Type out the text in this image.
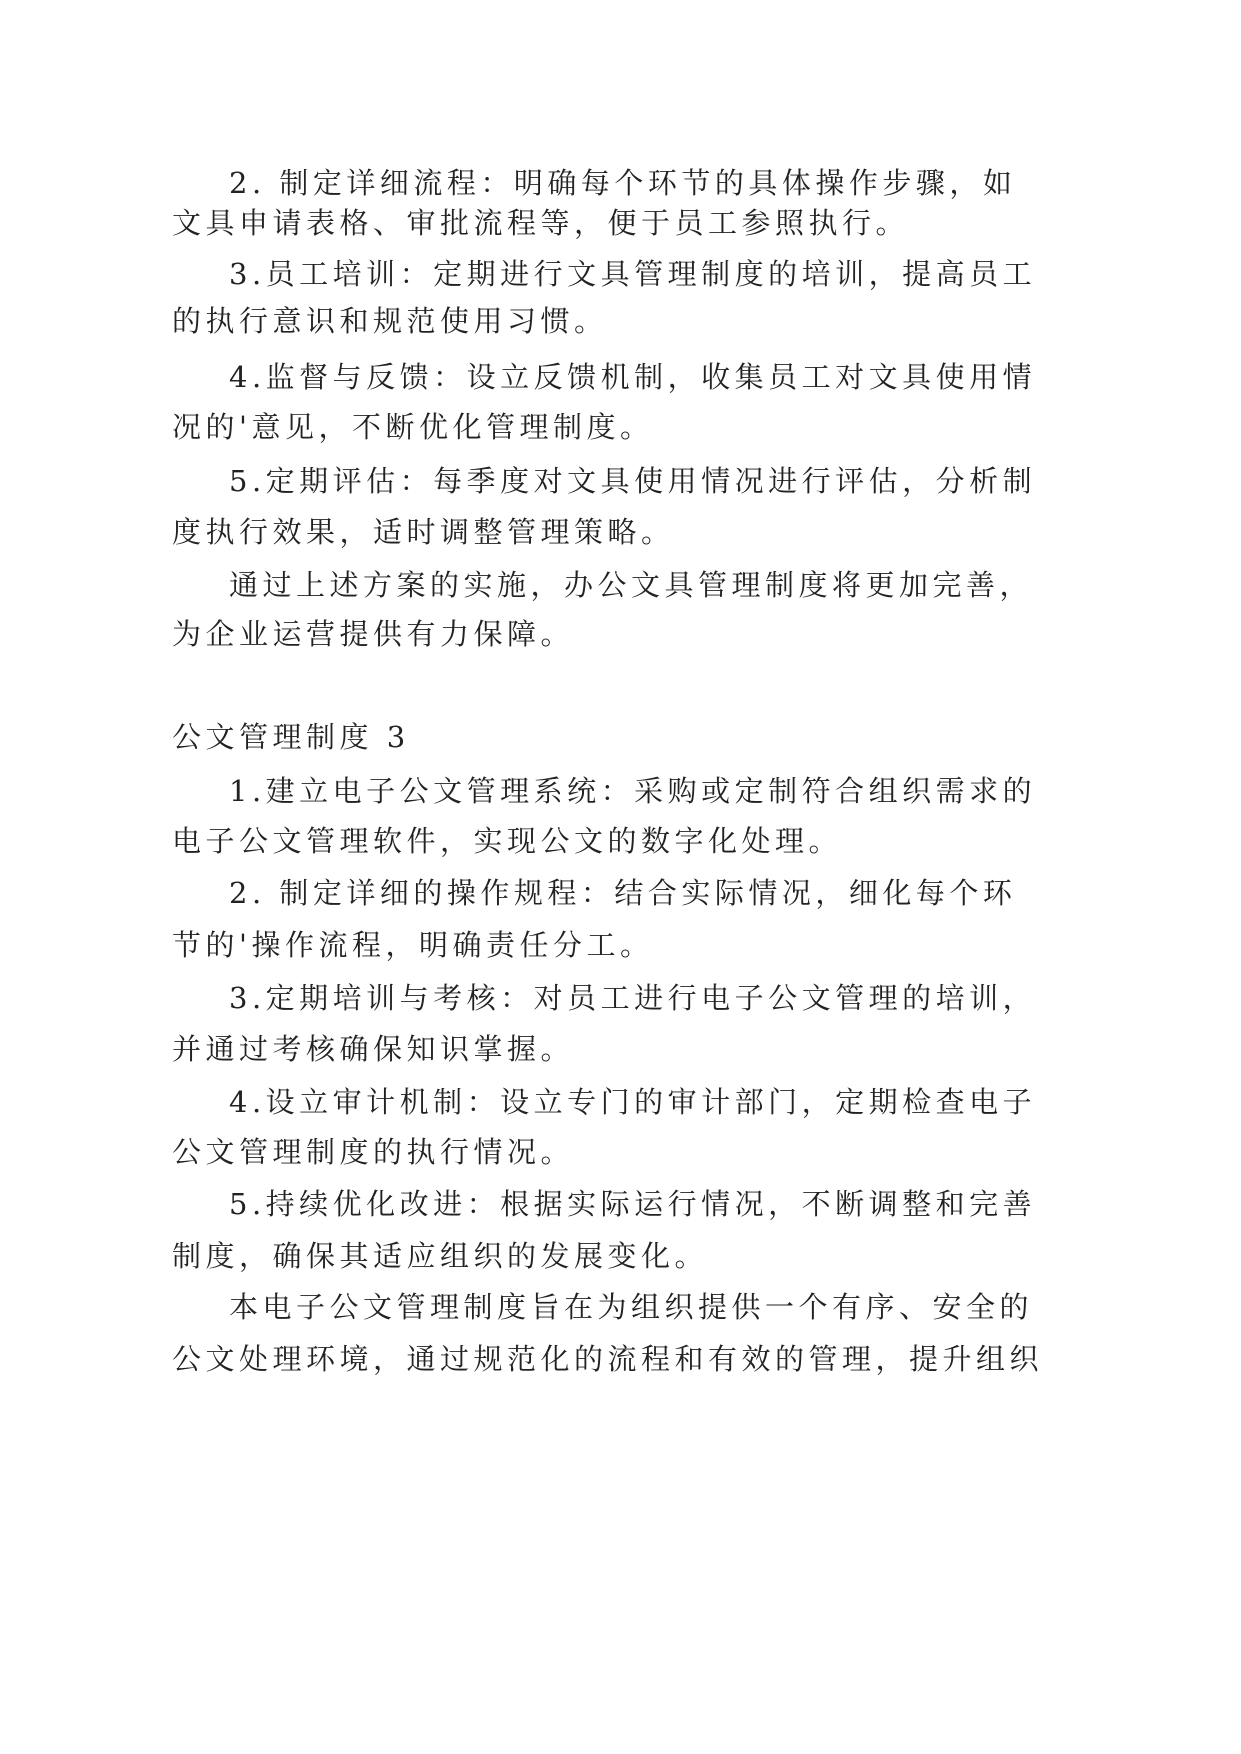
2. 制定详细流程：明确每个环节的具体操作步骤，如

文具申请表格、审批流程等，便于员工参照执行。

3.员工培训：定期进行文具管理制度的培训，提高员工

的执行意识和规范使用习惯。

4.监督与反馈：设立反馈机制，收集员工对文具使用情

况的'意见，不断优化管理制度。

5.定期评估：每季度对文具使用情况进行评估，分析制

度执行效果，适时调整管理策略。

通过上述方案的实施，办公文具管理制度将更加完善，

为企业运营提供有力保障。

公文管理制度 3

1.建立电子公文管理系统：采购或定制符合组织需求的

电子公文管理软件，实现公文的数字化处理。

2. 制定详细的操作规程：结合实际情况，细化每个环

节的'操作流程，明确责任分工。

3.定期培训与考核：对员工进行电子公文管理的培训，

并通过考核确保知识掌握。

4.设立审计机制：设立专门的审计部门，定期检查电子

公文管理制度的执行情况。

5.持续优化改进：根据实际运行情况，不断调整和完善

制度，确保其适应组织的发展变化。

本电子公文管理制度旨在为组织提供一个有序、安全的

公文处理环境，通过规范化的流程和有效的管理，提升组织
